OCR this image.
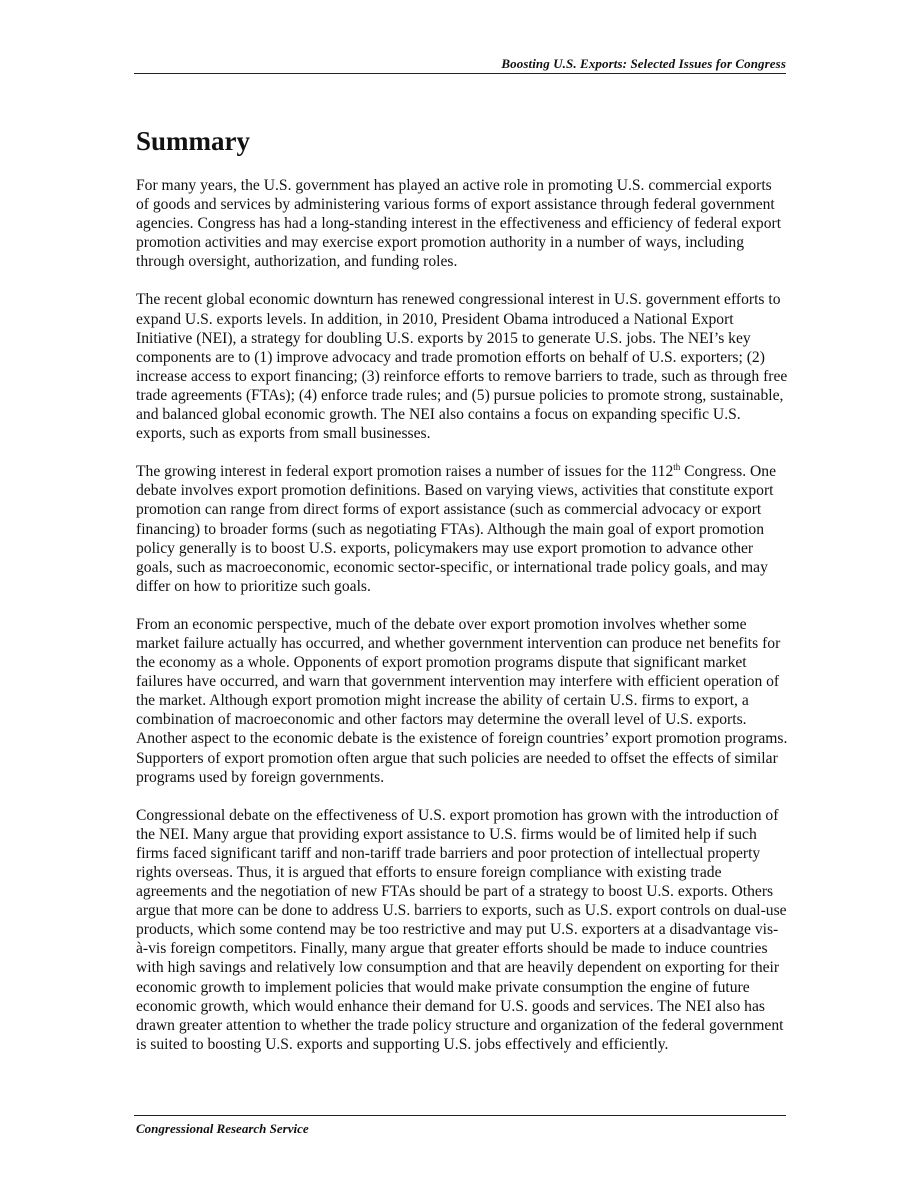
Boosting U.S. Exports: Selected Issues for Congress
Summary

For many years, the U.S. government has played an active role in promoting U.S. commercial exports of goods and services by administering various forms of export assistance through federal government agencies. Congress has had a long-standing interest in the effectiveness and efficiency of federal export promotion activities and may exercise export promotion authority in a number of ways, including through oversight, authorization, and funding roles.

The recent global economic downturn has renewed congressional interest in U.S. government efforts to expand U.S. exports levels. In addition, in 2010, President Obama introduced a National Export Initiative (NEI), a strategy for doubling U.S. exports by 2015 to generate U.S. jobs. The NEI’s key components are to (1) improve advocacy and trade promotion efforts on behalf of U.S. exporters; (2) increase access to export financing; (3) reinforce efforts to remove barriers to trade, such as through free trade agreements (FTAs); (4) enforce trade rules; and (5) pursue policies to promote strong, sustainable, and balanced global economic growth. The NEI also contains a focus on expanding specific U.S. exports, such as exports from small businesses.

The growing interest in federal export promotion raises a number of issues for the 112th Congress. One debate involves export promotion definitions. Based on varying views, activities that constitute export promotion can range from direct forms of export assistance (such as commercial advocacy or export financing) to broader forms (such as negotiating FTAs). Although the main goal of export promotion policy generally is to boost U.S. exports, policymakers may use export promotion to advance other goals, such as macroeconomic, economic sector-specific, or international trade policy goals, and may differ on how to prioritize such goals.

From an economic perspective, much of the debate over export promotion involves whether some market failure actually has occurred, and whether government intervention can produce net benefits for the economy as a whole. Opponents of export promotion programs dispute that significant market failures have occurred, and warn that government intervention may interfere with efficient operation of the market. Although export promotion might increase the ability of certain U.S. firms to export, a combination of macroeconomic and other factors may determine the overall level of U.S. exports. Another aspect to the economic debate is the existence of foreign countries’ export promotion programs. Supporters of export promotion often argue that such policies are needed to offset the effects of similar programs used by foreign governments.

Congressional debate on the effectiveness of U.S. export promotion has grown with the introduction of the NEI. Many argue that providing export assistance to U.S. firms would be of limited help if such firms faced significant tariff and non-tariff trade barriers and poor protection of intellectual property rights overseas. Thus, it is argued that efforts to ensure foreign compliance with existing trade agreements and the negotiation of new FTAs should be part of a strategy to boost U.S. exports. Others argue that more can be done to address U.S. barriers to exports, such as U.S. export controls on dual-use products, which some contend may be too restrictive and may put U.S. exporters at a disadvantage vis-à-vis foreign competitors. Finally, many argue that greater efforts should be made to induce countries with high savings and relatively low consumption and that are heavily dependent on exporting for their economic growth to implement policies that would make private consumption the engine of future economic growth, which would enhance their demand for U.S. goods and services. The NEI also has drawn greater attention to whether the trade policy structure and organization of the federal government is suited to boosting U.S. exports and supporting U.S. jobs effectively and efficiently.

Congressional Research Service
